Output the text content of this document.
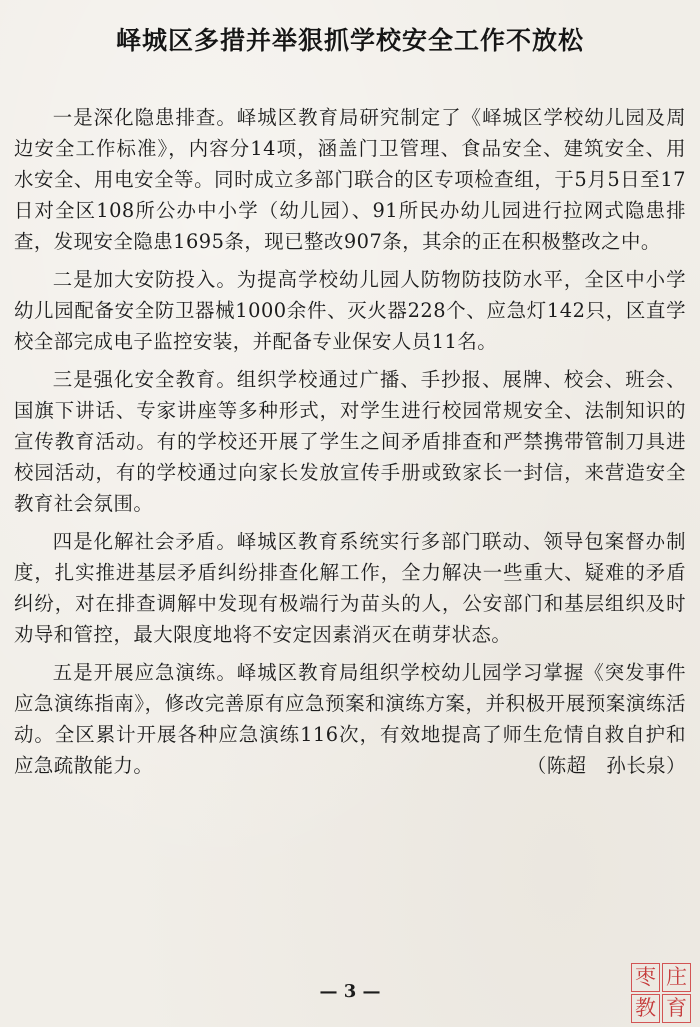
峄城区多措并举狠抓学校安全工作不放松

一是深化隐患排查。峄城区教育局研究制定了《峄城区学校幼儿园及周边安全工作标准》，内容分14项，涵盖门卫管理、食品安全、建筑安全、用水安全、用电安全等。同时成立多部门联合的区专项检查组，于5月5日至17日对全区108所公办中小学（幼儿园）、91所民办幼儿园进行拉网式隐患排查，发现安全隐患1695条，现已整改907条，其余的正在积极整改之中。

二是加大安防投入。为提高学校幼儿园人防物防技防水平，全区中小学幼儿园配备安全防卫器械1000余件、灭火器228个、应急灯142只，区直学校全部完成电子监控安装，并配备专业保安人员11名。

三是强化安全教育。组织学校通过广播、手抄报、展牌、校会、班会、国旗下讲话、专家讲座等多种形式，对学生进行校园常规安全、法制知识的宣传教育活动。有的学校还开展了学生之间矛盾排查和严禁携带管制刀具进校园活动，有的学校通过向家长发放宣传手册或致家长一封信，来营造安全教育社会氛围。

四是化解社会矛盾。峄城区教育系统实行多部门联动、领导包案督办制度，扎实推进基层矛盾纠纷排查化解工作，全力解决一些重大、疑难的矛盾纠纷，对在排查调解中发现有极端行为苗头的人，公安部门和基层组织及时劝导和管控，最大限度地将不安定因素消灭在萌芽状态。

五是开展应急演练。峄城区教育局组织学校幼儿园学习掌握《突发事件应急演练指南》，修改完善原有应急预案和演练方案，并积极开展预案演练活动。全区累计开展各种应急演练116次，有效地提高了师生危情自救自护和应急疏散能力。	（陈超　孙长泉）

— 3 —
枣 庄
教 育
